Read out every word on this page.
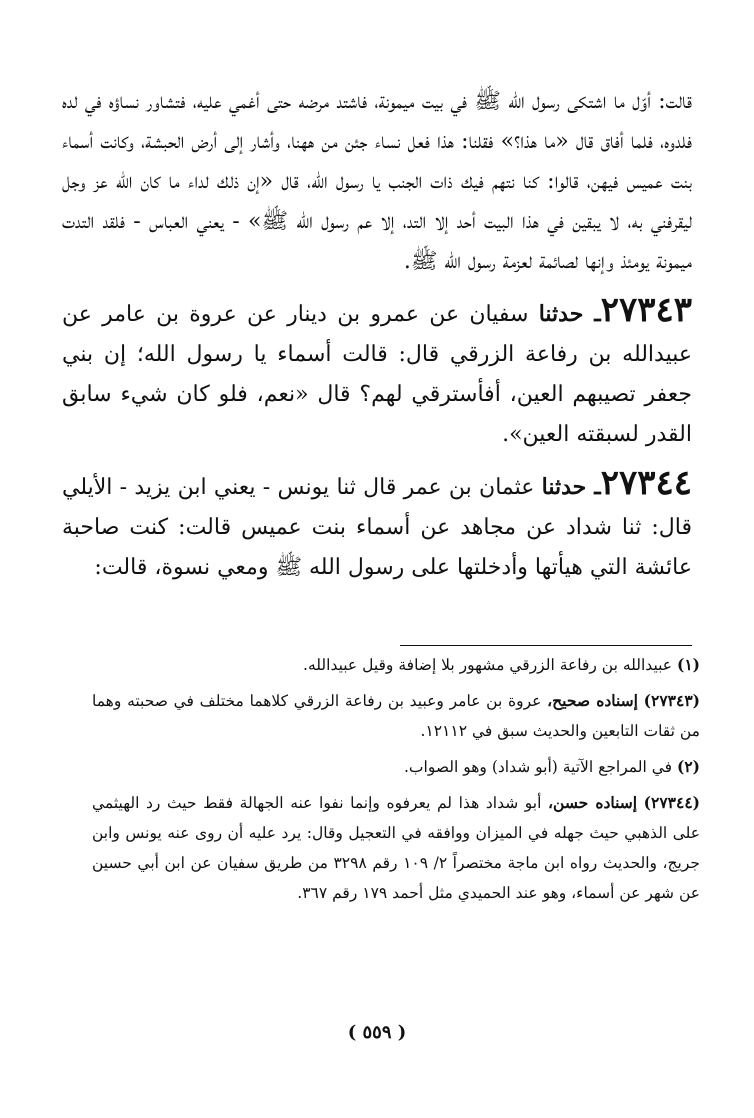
قالت: أوّل ما اشتكى رسول الله ﷺ في بيت ميمونة، فاشتد مرضه حتى أغمي عليه، فتشاور نساؤه في لده فلدوه، فلما أفاق قال «ما هذا؟» فقلنا: هذا فعل نساء جئن من ههنا، وأشار إلى أرض الحبشة، وكانت أسماء بنت عميس فيهن، قالوا: كنا نتهم فيك ذات الجنب يا رسول الله، قال «إن ذلك لداء ما كان الله عز وجل ليقرفني به، لا يبقين في هذا البيت أحد إلا التد، إلا عم رسول الله ﷺ» - يعني العباس - فلقد التدت ميمونة يومئذ وإنها لصائمة لعزمة رسول الله ﷺ.

٢٧٣٤٣ـ حدثنا سفيان عن عمرو بن دينار عن عروة بن عامر عن عبيدالله بن رفاعة الزرقي قال: قالت أسماء يا رسول الله؛ إن بني جعفر تصيبهم العين، أفأسترقي لهم؟ قال «نعم، فلو كان شيء سابق القدر لسبقته العين».

٢٧٣٤٤ـ حدثنا عثمان بن عمر قال ثنا يونس - يعني ابن يزيد - الأيلي قال: ثنا شداد عن مجاهد عن أسماء بنت عميس قالت: كنت صاحبة عائشة التي هيأتها وأدخلتها على رسول الله ﷺ ومعي نسوة، قالت:

(١) عبيدالله بن رفاعة الزرقي مشهور بلا إضافة وقيل عبيدالله.

(٢٧٣٤٣) إسناده صحيح، عروة بن عامر وعبيد بن رفاعة الزرقي كلاهما مختلف في صحبته وهما من ثقات التابعين والحديث سبق في ١٢١١٢.

(٢) في المراجع الآتية (أبو شداد) وهو الصواب.

(٢٧٣٤٤) إسناده حسن، أبو شداد هذا لم يعرفوه وإنما نفوا عنه الجهالة فقط حيث رد الهيثمي على الذهبي حيث جهله في الميزان ووافقه في التعجيل وقال: يرد عليه أن روى عنه يونس وابن جريج، والحديث رواه ابن ماجة مختصراً ٢/ ١٠٩ رقم ٣٢٩٨ من طريق سفيان عن ابن أبي حسين عن شهر عن أسماء، وهو عند الحميدي مثل أحمد ١٧٩ رقم ٣٦٧.

( ٥٥٩ )
